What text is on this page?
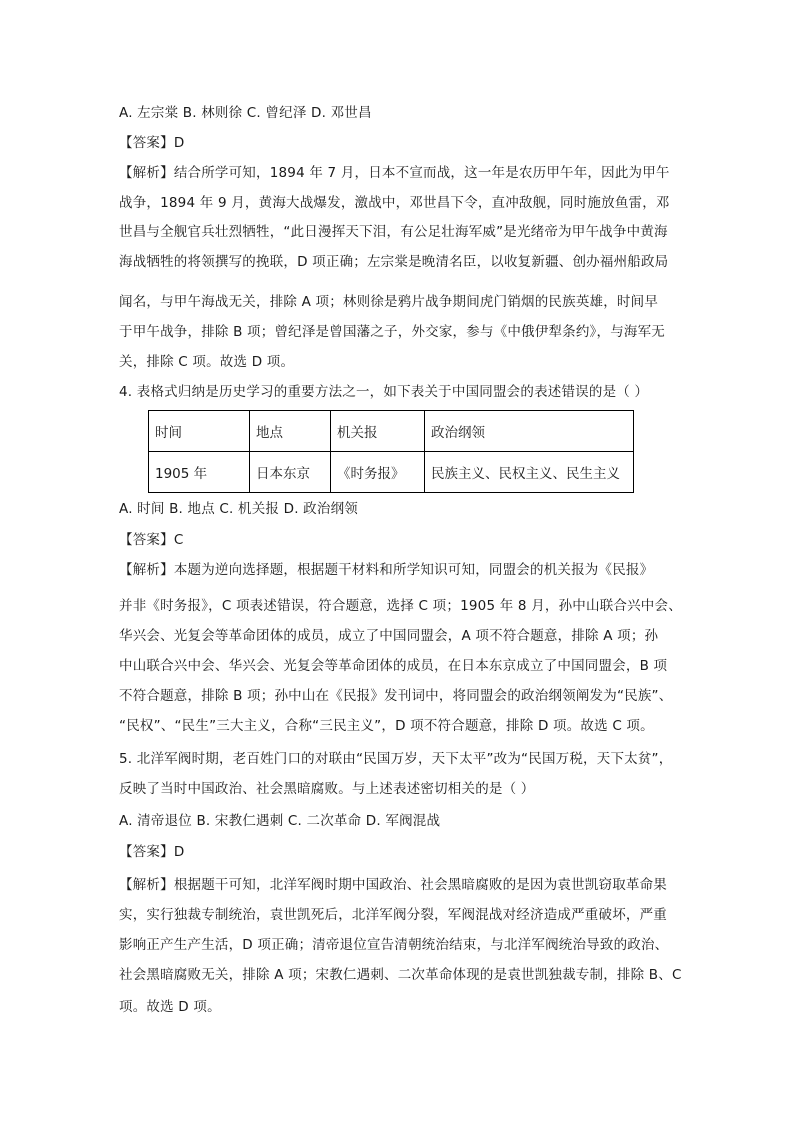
A. 左宗棠 B. 林则徐 C. 曾纪泽 D. 邓世昌
【答案】D
【解析】结合所学可知，1894 年 7 月，日本不宣而战，这一年是农历甲午年，因此为甲午
战争，1894 年 9 月，黄海大战爆发，激战中，邓世昌下令，直冲敌舰，同时施放鱼雷，邓
世昌与全舰官兵壮烈牺牲，“此日漫挥天下泪，有公足壮海军威”是光绪帝为甲午战争中黄海
海战牺牲的将领撰写的挽联，D 项正确；左宗棠是晚清名臣，以收复新疆、创办福州船政局
闻名，与甲午海战无关，排除 A 项；林则徐是鸦片战争期间虎门销烟的民族英雄，时间早
于甲午战争，排除 B 项；曾纪泽是曾国藩之子，外交家，参与《中俄伊犁条约》，与海军无
关，排除 C 项。故选 D 项。
4. 表格式归纳是历史学习的重要方法之一，如下表关于中国同盟会的表述错误的是（ ）
时间	地点	机关报	政治纲领
1905 年	日本东京	《时务报》	民族主义、民权主义、民生主义
A. 时间 B. 地点 C. 机关报 D. 政治纲领
【答案】C
【解析】本题为逆向选择题，根据题干材料和所学知识可知，同盟会的机关报为《民报》
并非《时务报》，C 项表述错误，符合题意，选择 C 项；1905 年 8 月，孙中山联合兴中会、
华兴会、光复会等革命团体的成员，成立了中国同盟会，A 项不符合题意，排除 A 项；孙
中山联合兴中会、华兴会、光复会等革命团体的成员，在日本东京成立了中国同盟会，B 项
不符合题意，排除 B 项；孙中山在《民报》发刊词中，将同盟会的政治纲领阐发为“民族”、
“民权”、“民生”三大主义，合称“三民主义”，D 项不符合题意，排除 D 项。故选 C 项。
5. 北洋军阀时期，老百姓门口的对联由“民国万岁，天下太平”改为“民国万税，天下太贫”，
反映了当时中国政治、社会黑暗腐败。与上述表述密切相关的是（ ）
A. 清帝退位 B. 宋教仁遇刺 C. 二次革命 D. 军阀混战
【答案】D
【解析】根据题干可知，北洋军阀时期中国政治、社会黑暗腐败的是因为袁世凯窃取革命果
实，实行独裁专制统治，袁世凯死后，北洋军阀分裂，军阀混战对经济造成严重破坏，严重
影响正产生产生活，D 项正确；清帝退位宣告清朝统治结束，与北洋军阀统治导致的政治、
社会黑暗腐败无关，排除 A 项；宋教仁遇刺、二次革命体现的是袁世凯独裁专制，排除 B、C
项。故选 D 项。
